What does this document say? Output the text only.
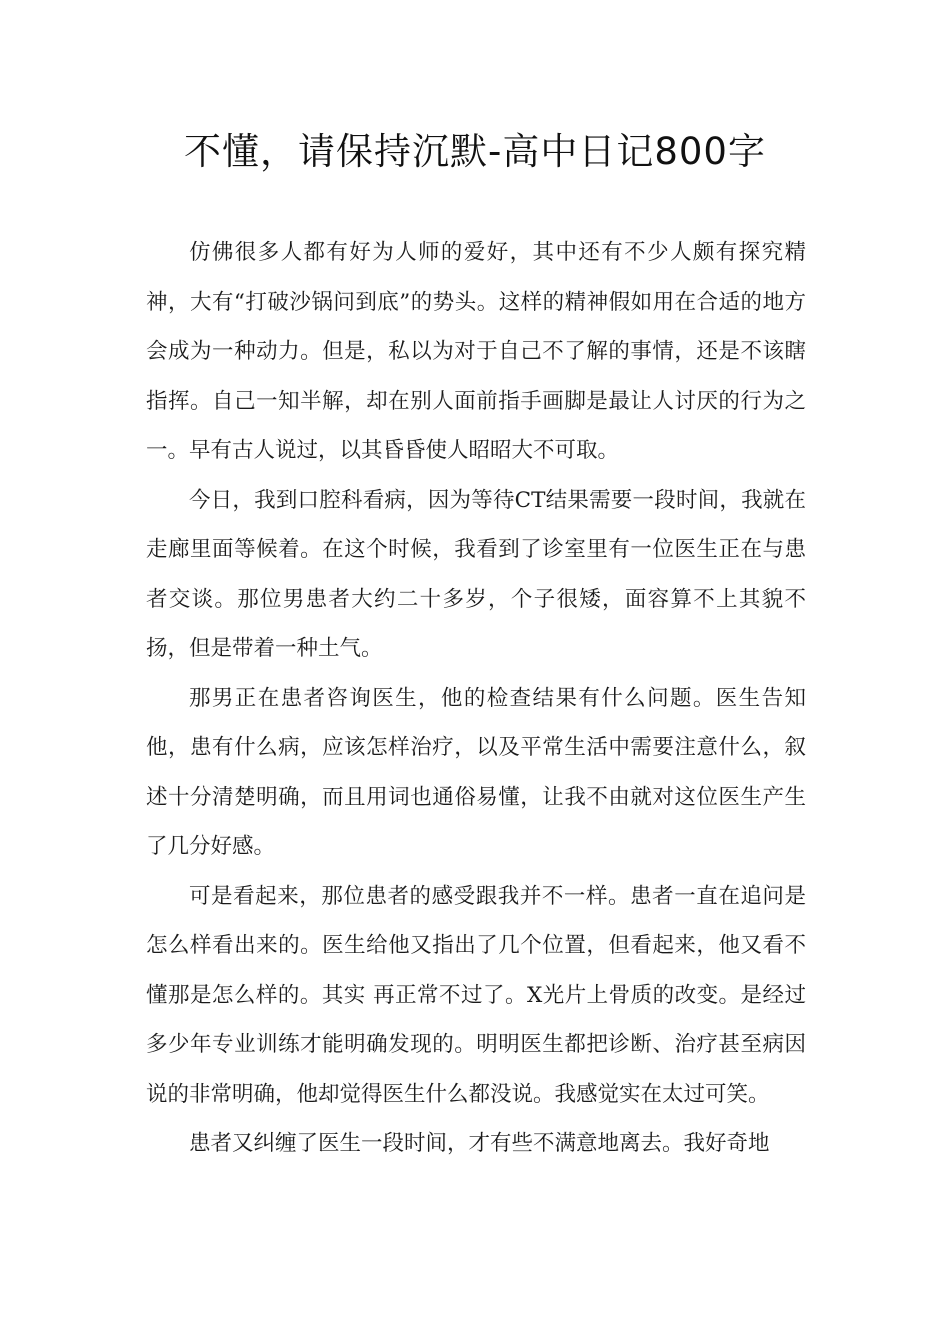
不懂，请保持沉默-高中日记800字

仿佛很多人都有好为人师的爱好，其中还有不少人颇有探究精神，大有“打破沙锅问到底”的势头。这样的精神假如用在合适的地方会成为一种动力。但是，私以为对于自己不了解的事情，还是不该瞎指挥。自己一知半解，却在别人面前指手画脚是最让人讨厌的行为之一。早有古人说过，以其昏昏使人昭昭大不可取。

今日，我到口腔科看病，因为等待CT结果需要一段时间，我就在走廊里面等候着。在这个时候，我看到了诊室里有一位医生正在与患者交谈。那位男患者大约二十多岁，个子很矮，面容算不上其貌不扬，但是带着一种土气。

那男正在患者咨询医生，他的检查结果有什么问题。医生告知他，患有什么病，应该怎样治疗，以及平常生活中需要注意什么，叙述十分清楚明确，而且用词也通俗易懂，让我不由就对这位医生产生了几分好感。

可是看起来，那位患者的感受跟我并不一样。患者一直在追问是怎么样看出来的。医生给他又指出了几个位置，但看起来，他又看不懂那是怎么样的。其实 再正常不过了。X光片上骨质的改变。是经过多少年专业训练才能明确发现的。明明医生都把诊断、治疗甚至病因说的非常明确，他却觉得医生什么都没说。我感觉实在太过可笑。

患者又纠缠了医生一段时间，才有些不满意地离去。我好奇地
